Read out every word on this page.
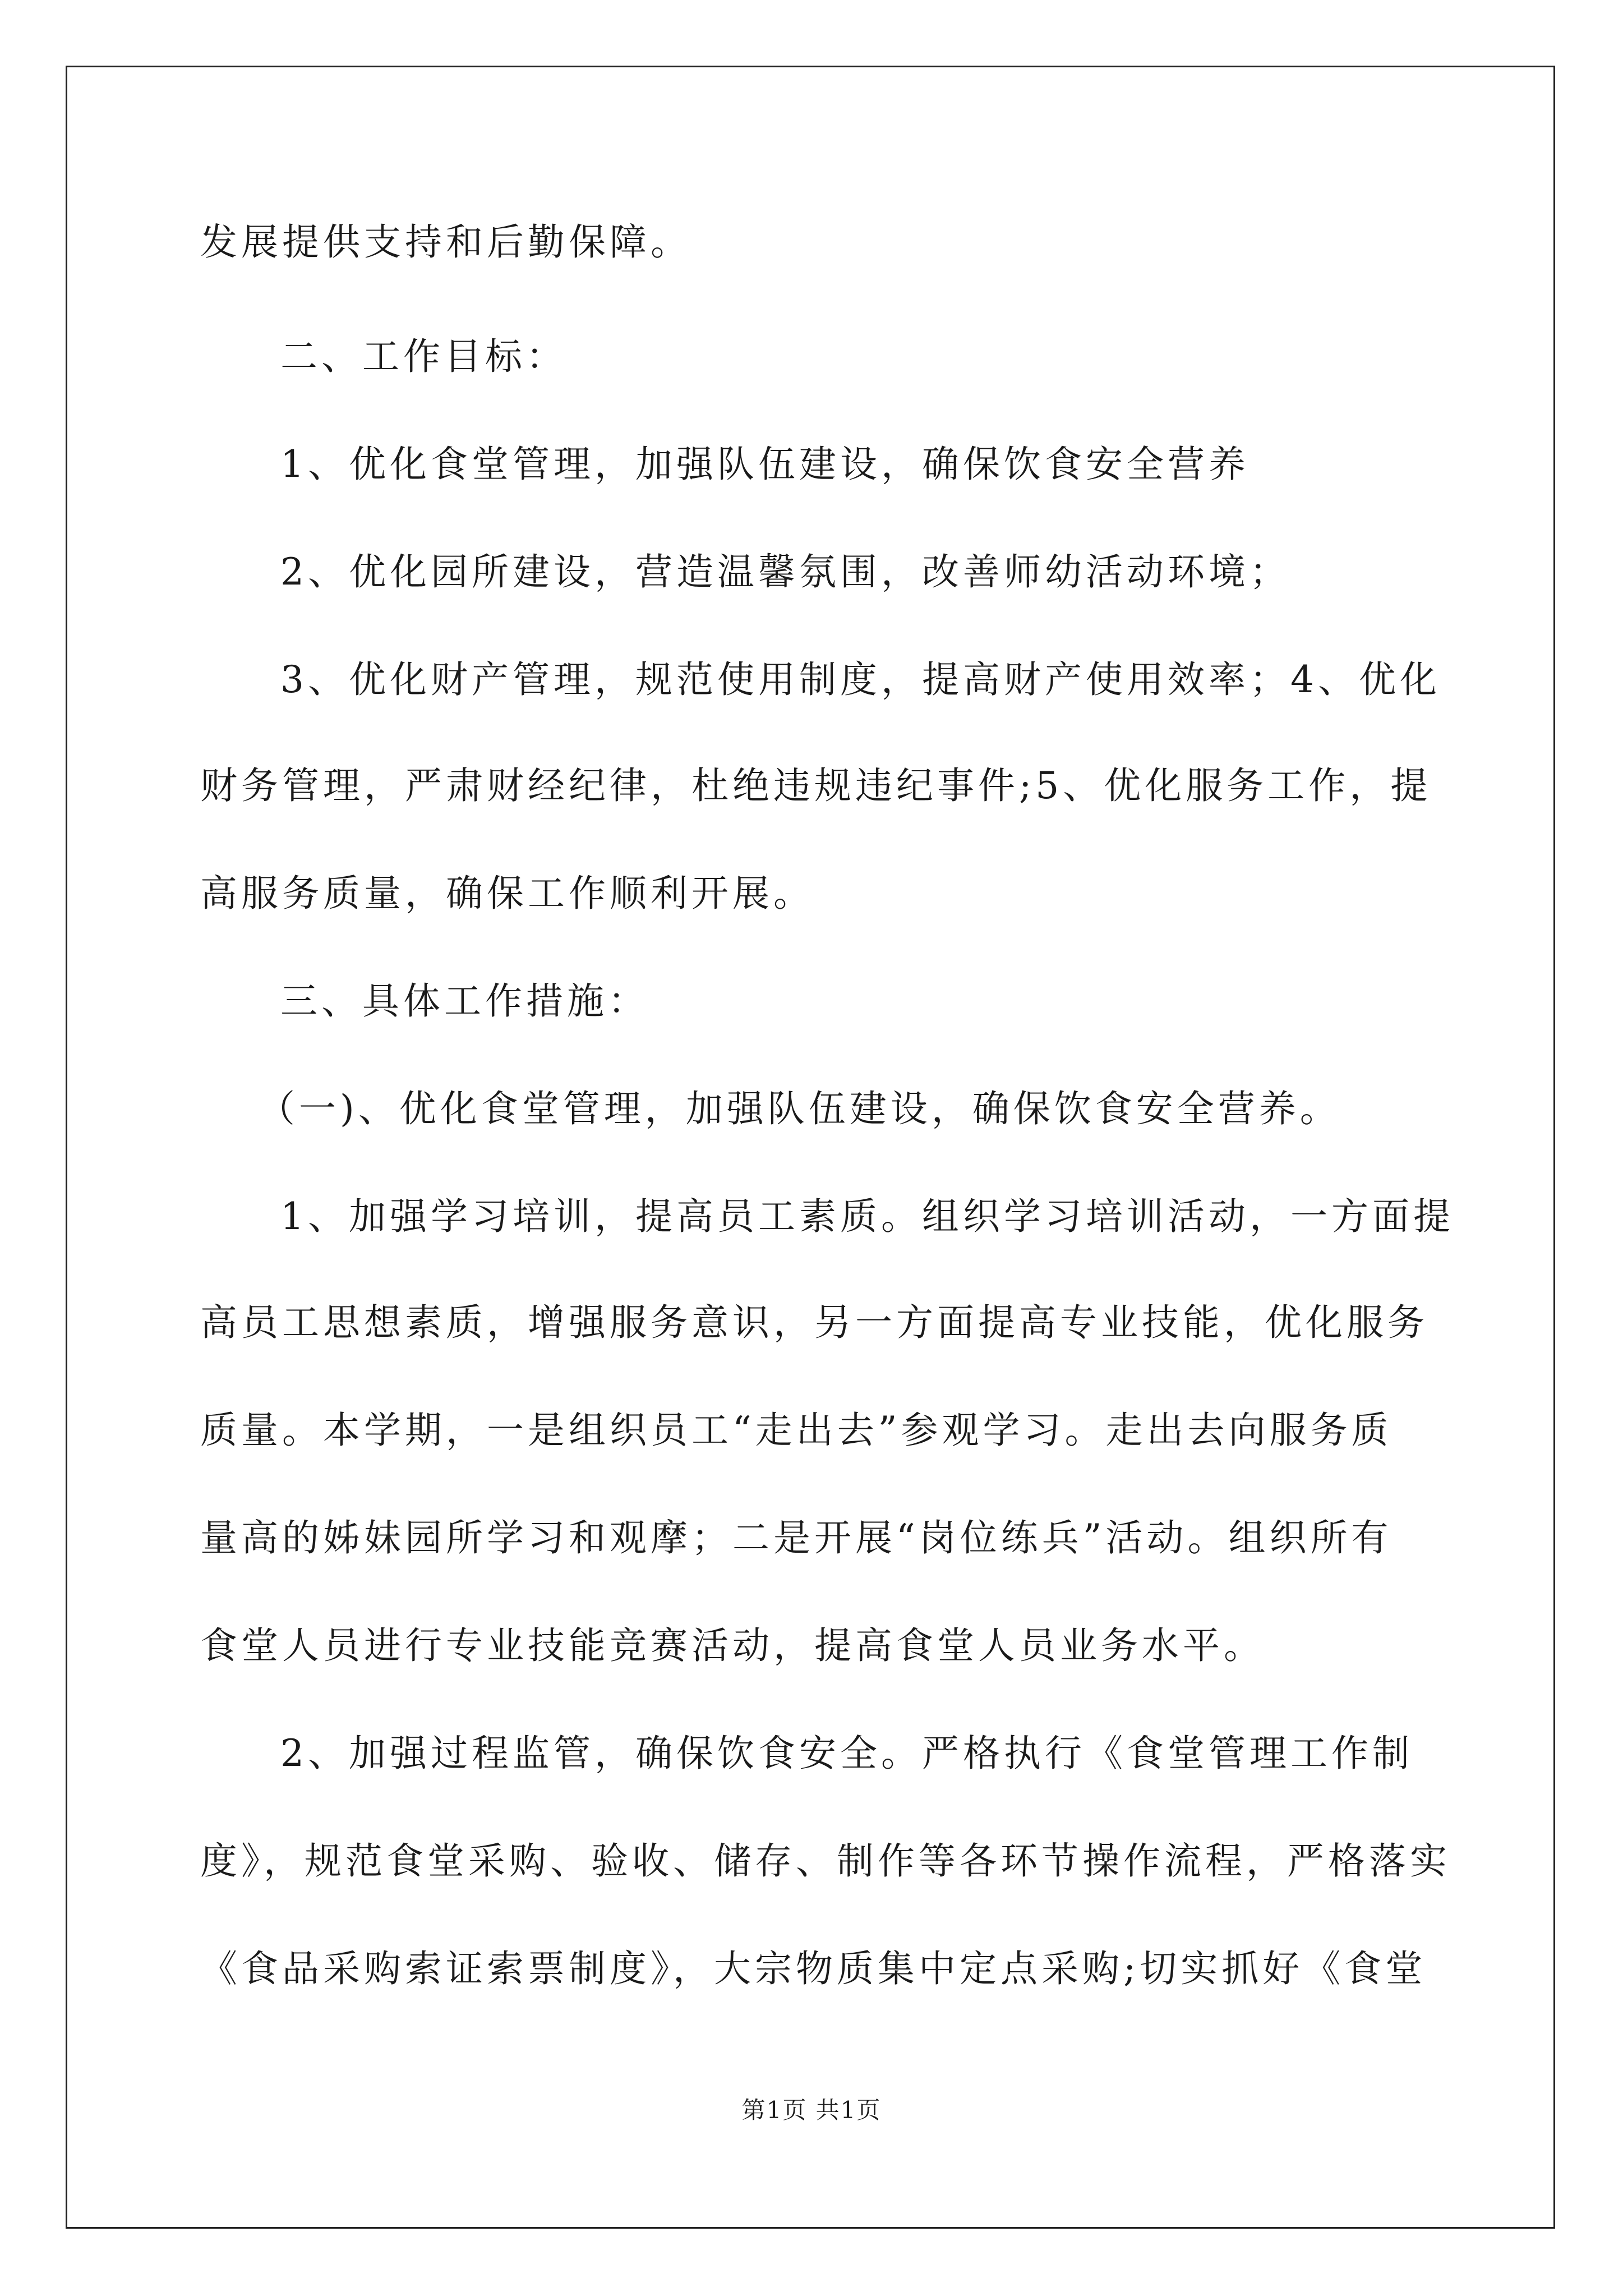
发展提供支持和后勤保障。
二、工作目标：
1、优化食堂管理，加强队伍建设，确保饮食安全营养
2、优化园所建设，营造温馨氛围，改善师幼活动环境；
3、优化财产管理，规范使用制度，提高财产使用效率；4、优化
财务管理，严肃财经纪律，杜绝违规违纪事件;5、优化服务工作，提
高服务质量，确保工作顺利开展。
三、具体工作措施：
（一)、优化食堂管理，加强队伍建设，确保饮食安全营养。
1、加强学习培训，提高员工素质。组织学习培训活动，一方面提
高员工思想素质，增强服务意识，另一方面提高专业技能，优化服务
质量。本学期，一是组织员工“走出去”参观学习。走出去向服务质
量高的姊妹园所学习和观摩；二是开展“岗位练兵”活动。组织所有
食堂人员进行专业技能竞赛活动，提高食堂人员业务水平。
2、加强过程监管，确保饮食安全。严格执行《食堂管理工作制
度》，规范食堂采购、验收、储存、制作等各环节操作流程，严格落实
《食品采购索证索票制度》，大宗物质集中定点采购;切实抓好《食堂
第1页 共1页
